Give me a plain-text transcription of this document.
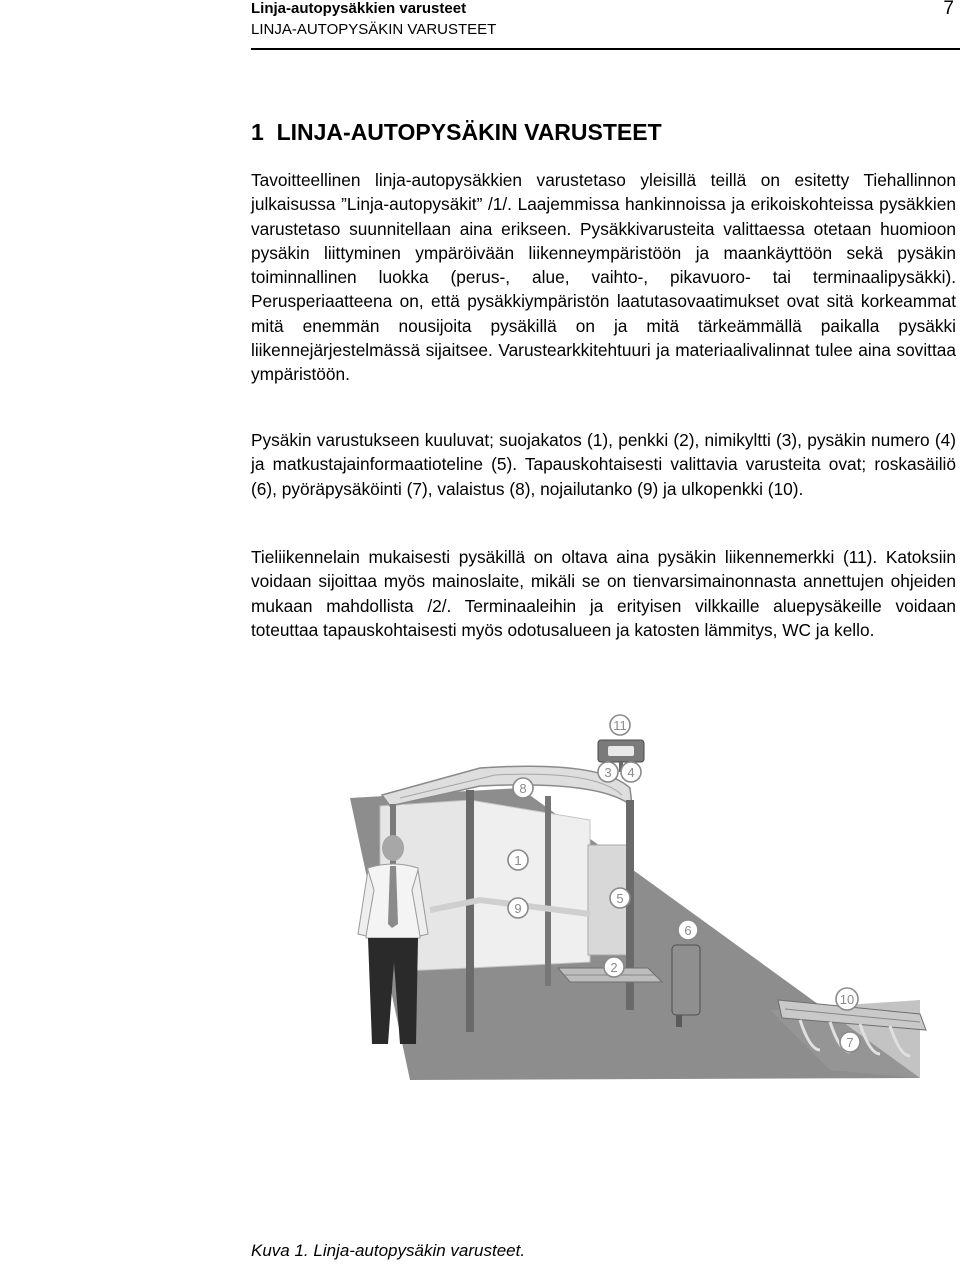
Linja-autopysäkkien varusteet
LINJA-AUTOPYSÄKIN VARUSTEET
7
1 LINJA-AUTOPYSÄKIN VARUSTEET

Tavoitteellinen linja-autopysäkkien varustetaso yleisillä teillä on esitetty Tiehallinnon julkaisussa ”Linja-autopysäkit” /1/. Laajemmissa hankinnoissa ja erikoiskohteissa pysäkkien varustetaso suunnitellaan aina erikseen. Pysäkkivarusteita valittaessa otetaan huomioon pysäkin liittyminen ympäröivään liikenneympäristöön ja maankäyttöön sekä pysäkin toiminnallinen luokka (perus-, alue, vaihto-, pikavuoro- tai terminaalipysäkki). Perusperiaatteena on, että pysäkkiympäristön laatutasovaatimukset ovat sitä korkeammat mitä enemmän nousijoita pysäkillä on ja mitä tärkeämmällä paikalla pysäkki liikennejärjestelmässä sijaitsee. Varustearkkitehtuuri ja materiaalivalinnat tulee aina sovittaa ympäristöön.

Pysäkin varustukseen kuuluvat; suojakatos (1), penkki (2), nimikyltti (3), pysäkin numero (4) ja matkustajainformaatioteline (5). Tapauskohtaisesti valittavia varusteita ovat; roskasäiliö (6), pyöräpysäköinti (7), valaistus (8), nojailutanko (9) ja ulkopenkki (10).

Tieliikennelain mukaisesti pysäkillä on oltava aina pysäkin liikennemerkki (11). Katoksiin voidaan sijoittaa myös mainoslaite, mikäli se on tienvarsimainonnasta annettujen ohjeiden mukaan mahdollista /2/. Terminaaleihin ja erityisen vilkkaille aluepysäkeille voidaan toteuttaa tapauskohtaisesti myös odotusalueen ja katosten lämmitys, WC ja kello.

11
3 4
8
1
9
5
6
2
10
7
Kuva 1. Linja-autopysäkin varusteet.
